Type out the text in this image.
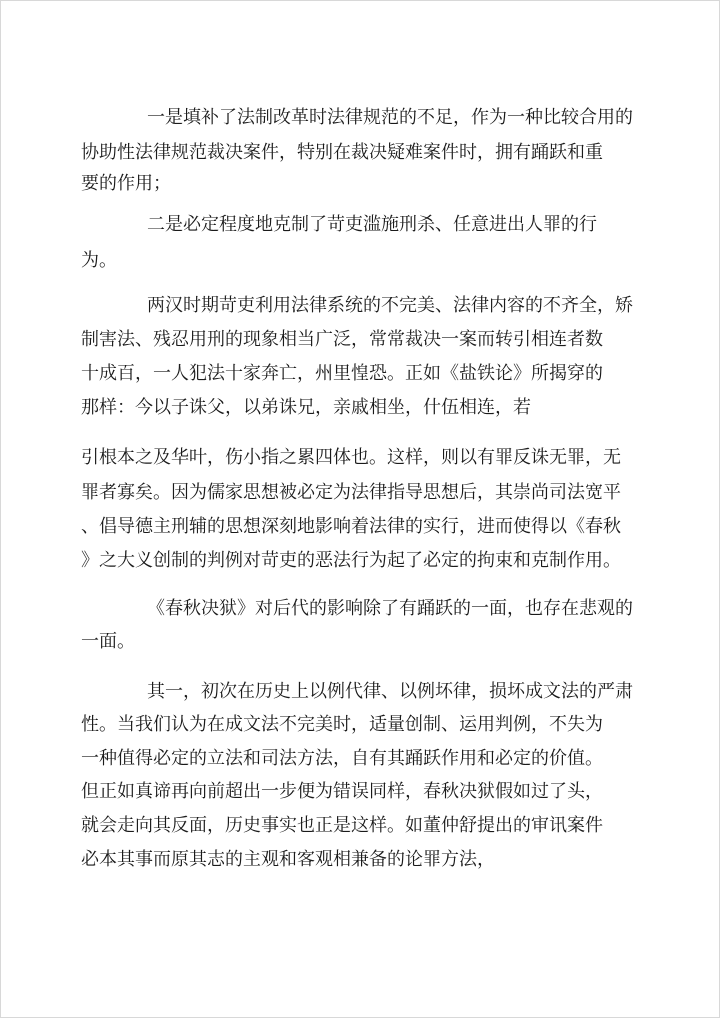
一是填补了法制改革时法律规范的不足，作为一种比较合用的
协助性法律规范裁决案件，特别在裁决疑难案件时，拥有踊跃和重
要的作用；
二是必定程度地克制了苛吏滥施刑杀、任意进出人罪的行
为。
两汉时期苛吏利用法律系统的不完美、法律内容的不齐全，矫
制害法、残忍用刑的现象相当广泛，常常裁决一案而转引相连者数
十成百，一人犯法十家奔亡，州里惶恐。正如《盐铁论》所揭穿的
那样：今以子诛父，以弟诛兄，亲戚相坐，什伍相连，若
引根本之及华叶，伤小指之累四体也。这样，则以有罪反诛无罪，无
罪者寡矣。因为儒家思想被必定为法律指导思想后，其崇尚司法宽平
、倡导德主刑辅的思想深刻地影响着法律的实行，进而使得以《春秋
》之大义创制的判例对苛吏的恶法行为起了必定的拘束和克制作用。
《春秋决狱》对后代的影响除了有踊跃的一面，也存在悲观的
一面。
其一，初次在历史上以例代律、以例坏律，损坏成文法的严肃
性。当我们认为在成文法不完美时，适量创制、运用判例，不失为
一种值得必定的立法和司法方法，自有其踊跃作用和必定的价值。
但正如真谛再向前超出一步便为错误同样，春秋决狱假如过了头，
就会走向其反面，历史事实也正是这样。如董仲舒提出的审讯案件
必本其事而原其志的主观和客观相兼备的论罪方法，
